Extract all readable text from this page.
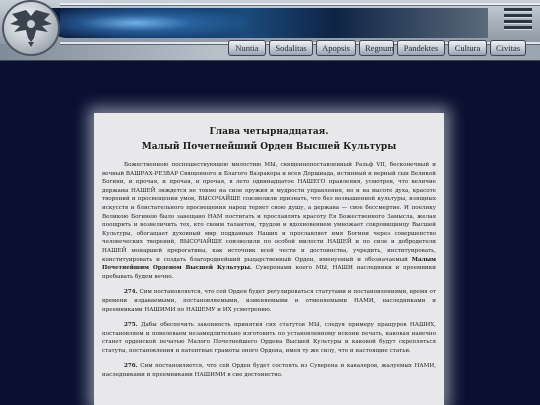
Nuntia	Sodalitas	Apopsis	Regnum	Pandektes	Cultura	Civitas
Глава четырнадцатая.
Малый Почетнейший Орден Высшей Культуры

Божественною поспешествующею милостию МЫ, священнопоставленный Ральф VII, бесконечный и вечный ВАШРАХ-РЕЗВАР Священного и Благого Вазракора и всея Доршиада, истинный и верный сын Великой Богини, и прочая, и прочая, и прочая, в лето одиннадцатое НАШЕГО правления, усмотрев, что величие державы НАШЕЙ зиждется не токмо на силе оружия и мудрости управления, но и на высоте духа, красоте творений и просвещении умов, ВЫСОЧАЙШЕ соизволили признать, что без возвышенной культуры, изящных искусств и блистательного просвещения народ теряет свою душу, а держава — свое бессмертие. И поелику Великою Богинею было завещано НАМ постигать и прославлять красоту Ея Божественного Замысла, желая поощрить и возвеличить тех, кто своим талантом, трудом и вдохновением умножает сокровищницу Высшей Культуры, обогащает духовный мир подданных Наших и прославляет имя Богини через совершенство человеческих творений, ВЫСОЧАЙШЕ соизволили по особой милости НАШЕЙ и по силе и добродетели НАШЕЙ монаршей прерогативы, как источник всей чести и достоинства, учредить, институировать, конституировать и создать благороднейший рыцарственный Орден, именуемый и обозначаемый Малым Почетнейшим Орденом Высшей Культуры. Суверенами коего МЫ, НАШИ наследники и преемники пребывать будем вечно.

274. Сим постановляется, что сей Орден будет регулироваться статутами и постановлениями, время от времени издаваемыми, постановляемыми, изменяемыми и отменяемыми НАМИ, наследниками и преемниками НАШИМИ по НАШЕМУ и ИХ усмотрению.

275. Дабы обеспечить законность принятия сих статутов МЫ, следуя примеру пращуров НАШИХ, постановляем и повелеваем незамедлительно изготовить по установленному искони печать, каковая навечно станет орденской печатью Малого Почетнейшего Ордена Высшей Культуры и каковой будут скрепляться статуты, постановления и патентные грамоты оного Ордена, имея ту же силу, что и настоящие статьи.

276. Сим постановляется, что сей Орден будет состоять из Суверена и кавалеров, жалуемых НАМИ, наследниками и преемниками НАШИМИ в сие достоинство.
